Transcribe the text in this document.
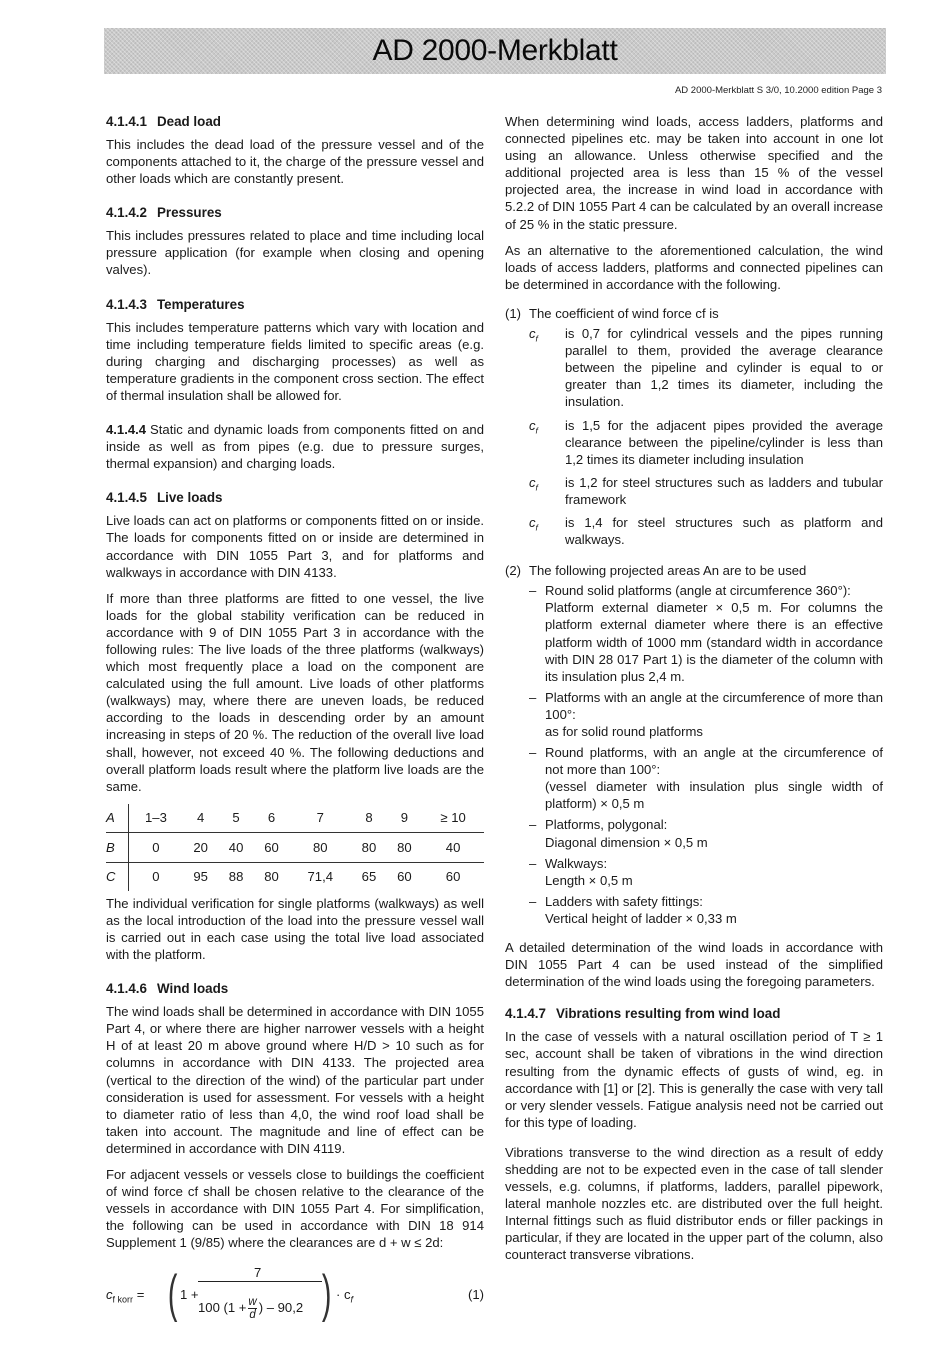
AD 2000-Merkblatt
AD 2000-Merkblatt S 3/0, 10.2000 edition Page 3
4.1.4.1 Dead load

This includes the dead load of the pressure vessel and of the components attached to it, the charge of the pressure vessel and other loads which are constantly present.

4.1.4.2 Pressures

This includes pressures related to place and time including local pressure application (for example when closing and opening valves).

4.1.4.3 Temperatures

This includes temperature patterns which vary with location and time including temperature fields limited to specific areas (e.g. during charging and discharging processes) as well as temperature gradients in the component cross section. The effect of thermal insulation shall be allowed for.

4.1.4.4 Static and dynamic loads from components fitted on and inside as well as from pipes (e.g. due to pressure surges, thermal expansion) and charging loads.

4.1.4.5 Live loads

Live loads can act on platforms or components fitted on or inside. The loads for components fitted on or inside are determined in accordance with DIN 1055 Part 3, and for platforms and walkways in accordance with DIN 4133.

If more than three platforms are fitted to one vessel, the live loads for the global stability verification can be reduced in accordance with 9 of DIN 1055 Part 3 in accordance with the following rules: The live loads of the three platforms (walkways) which most frequently place a load on the component are calculated using the full amount. Live loads of other platforms (walkways) may, where there are uneven loads, be reduced according to the loads in descending order by an amount increasing in steps of 20 %. The reduction of the overall live load shall, however, not exceed 40 %. The following deductions and overall platform loads result where the platform live loads are the same.

A	1–3	4	5	6	7	8	9	≥ 10
B	0	20	40	60	80	80	80	40
C	0	95	88	80	71,4	65	60	60

The individual verification for single platforms (walkways) as well as the local introduction of the load into the pressure vessel wall is carried out in each case using the total live load associated with the platform.

4.1.4.6 Wind loads

The wind loads shall be determined in accordance with DIN 1055 Part 4, or where there are higher narrower vessels with a height H of at least 20 m above ground where H/D > 10 such as for columns in accordance with DIN 4133. The projected area (vertical to the direction of the wind) of the particular part under consideration is used for assessment. For vessels with a height to diameter ratio of less than 4,0, the wind roof load shall be taken into account. The magnitude and line of effect can be determined in accordance with DIN 4119.

For adjacent vessels or vessels close to buildings the coefficient of wind force cf shall be chosen relative to the clearance of the vessels in accordance with DIN 1055 Part 4. For simplification, the following can be used in accordance with DIN 18 914 Supplement 1 (9/85) where the clearances are d + w ≤ 2d:

$c_{f korr}$ = ( 1 +
7
100 ($1 + \frac{w}{d}$ ) – 90,2 ) · $c_f$	(1)

When determining wind loads, access ladders, platforms and connected pipelines etc. may be taken into account in one lot using an allowance. Unless otherwise specified and the additional projected area is less than 15 % of the vessel projected area, the increase in wind load in accordance with 5.2.2 of DIN 1055 Part 4 can be calculated by an overall increase of 25 % in the static pressure.

As an alternative to the aforementioned calculation, the wind loads of access ladders, platforms and connected pipelines can be determined in accordance with the following.

(1) The coefficient of wind force cf is
$c_f$	is 0,7 for cylindrical vessels and the pipes running parallel to them, provided the average clearance between the pipeline and cylinder is equal to or greater than 1,2 times its diameter, including the insulation.
$c_f$	is 1,5 for the adjacent pipes provided the average clearance between the pipeline/cylinder is less than 1,2 times its diameter including insulation
$c_f$	is 1,2 for steel structures such as ladders and tubular framework
$c_f$	is 1,4 for steel structures such as platform and walkways.
(2) The following projected areas An are to be used
– Round solid platforms (angle at circumference 360°):
Platform external diameter × 0,5 m. For columns the platform external diameter where there is an effective platform width of 1000 mm (standard width in accordance with DIN 28 017 Part 1) is the diameter of the column with its insulation plus 2,4 m.
– Platforms with an angle at the circumference of more than 100°:
as for solid round platforms
– Round platforms, with an angle at the circumference of not more than 100°:
(vessel diameter with insulation plus single width of platform) × 0,5 m
– Platforms, polygonal:
Diagonal dimension × 0,5 m
– Walkways:
Length × 0,5 m
– Ladders with safety fittings:
Vertical height of ladder × 0,33 m

A detailed determination of the wind loads in accordance with DIN 1055 Part 4 can be used instead of the simplified determination of the wind loads using the foregoing parameters.

4.1.4.7 Vibrations resulting from wind load

In the case of vessels with a natural oscillation period of T ≥ 1 sec, account shall be taken of vibrations in the wind direction resulting from the dynamic effects of gusts of wind, eg. in accordance with [1] or [2]. This is generally the case with very tall or very slender vessels. Fatigue analysis need not be carried out for this type of loading.

Vibrations transverse to the wind direction as a result of eddy shedding are not to be expected even in the case of tall slender vessels, e.g. columns, if platforms, ladders, parallel pipework, lateral manhole nozzles etc. are distributed over the full height. Internal fittings such as fluid distributor ends or filler packings in particular, if they are located in the upper part of the column, also counteract transverse vibrations.
